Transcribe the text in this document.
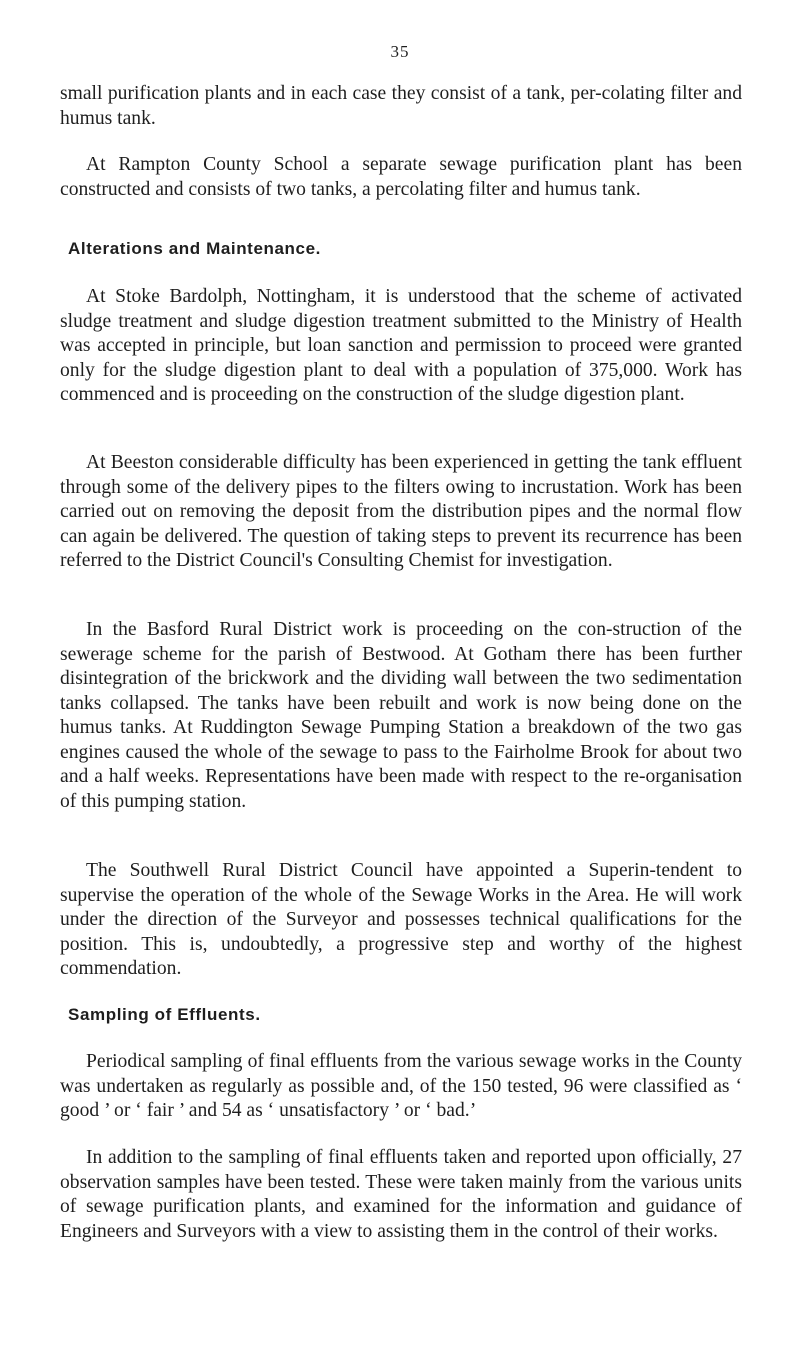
35

small purification plants and in each case they consist of a tank, per-colating filter and humus tank.

At Rampton County School a separate sewage purification plant has been constructed and consists of two tanks, a percolating filter and humus tank.

Alterations and Maintenance.

At Stoke Bardolph, Nottingham, it is understood that the scheme of activated sludge treatment and sludge digestion treatment submitted to the Ministry of Health was accepted in principle, but loan sanction and permission to proceed were granted only for the sludge digestion plant to deal with a population of 375,000. Work has commenced and is proceeding on the construction of the sludge digestion plant.

At Beeston considerable difficulty has been experienced in getting the tank effluent through some of the delivery pipes to the filters owing to incrustation. Work has been carried out on removing the deposit from the distribution pipes and the normal flow can again be delivered. The question of taking steps to prevent its recurrence has been referred to the District Council's Consulting Chemist for investigation.

In the Basford Rural District work is proceeding on the con-struction of the sewerage scheme for the parish of Bestwood. At Gotham there has been further disintegration of the brickwork and the dividing wall between the two sedimentation tanks collapsed. The tanks have been rebuilt and work is now being done on the humus tanks. At Ruddington Sewage Pumping Station a breakdown of the two gas engines caused the whole of the sewage to pass to the Fairholme Brook for about two and a half weeks. Representations have been made with respect to the re-organisation of this pumping station.

The Southwell Rural District Council have appointed a Superin-tendent to supervise the operation of the whole of the Sewage Works in the Area. He will work under the direction of the Surveyor and possesses technical qualifications for the position. This is, undoubtedly, a progressive step and worthy of the highest commendation.

Sampling of Effluents.

Periodical sampling of final effluents from the various sewage works in the County was undertaken as regularly as possible and, of the 150 tested, 96 were classified as ‘ good ’ or ‘ fair ’ and 54 as ‘ unsatisfactory ’ or ‘ bad.’

In addition to the sampling of final effluents taken and reported upon officially, 27 observation samples have been tested. These were taken mainly from the various units of sewage purification plants, and examined for the information and guidance of Engineers and Surveyors with a view to assisting them in the control of their works.
